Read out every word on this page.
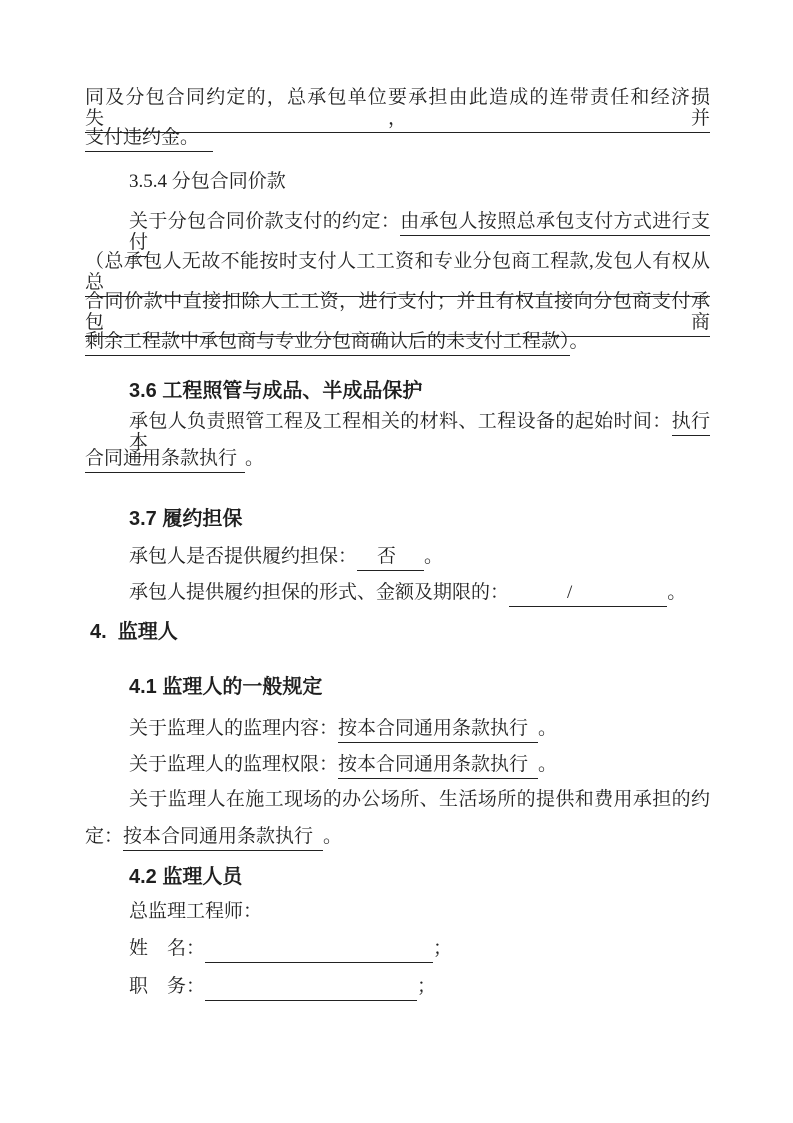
同及分包合同约定的，总承包单位要承担由此造成的连带责任和经济损失，并
支付违约金。
3.5.4 分包合同价款
关于分包合同价款支付的约定：由承包人按照总承包支付方式进行支付
（总承包人无故不能按时支付人工工资和专业分包商工程款,发包人有权从总
合同价款中直接扣除人工工资，进行支付；并且有权直接向分包商支付承包商
剩余工程款中承包商与专业分包商确认后的未支付工程款）。
3.6 工程照管与成品、半成品保护
承包人负责照管工程及工程相关的材料、工程设备的起始时间：执行本
合同通用条款执行 。
3.7 履约担保
承包人是否提供履约担保： 否 。
承包人提供履约担保的形式、金额及期限的：	/	。
4.  监理人
4.1 监理人的一般规定
关于监理人的监理内容：按本合同通用条款执行 。
关于监理人的监理权限：按本合同通用条款执行 。
关于监理人在施工现场的办公场所、生活场所的提供和费用承担的约
定：按本合同通用条款执行 。
4.2 监理人员
总监理工程师：
姓　名：	；
职　务：	；
